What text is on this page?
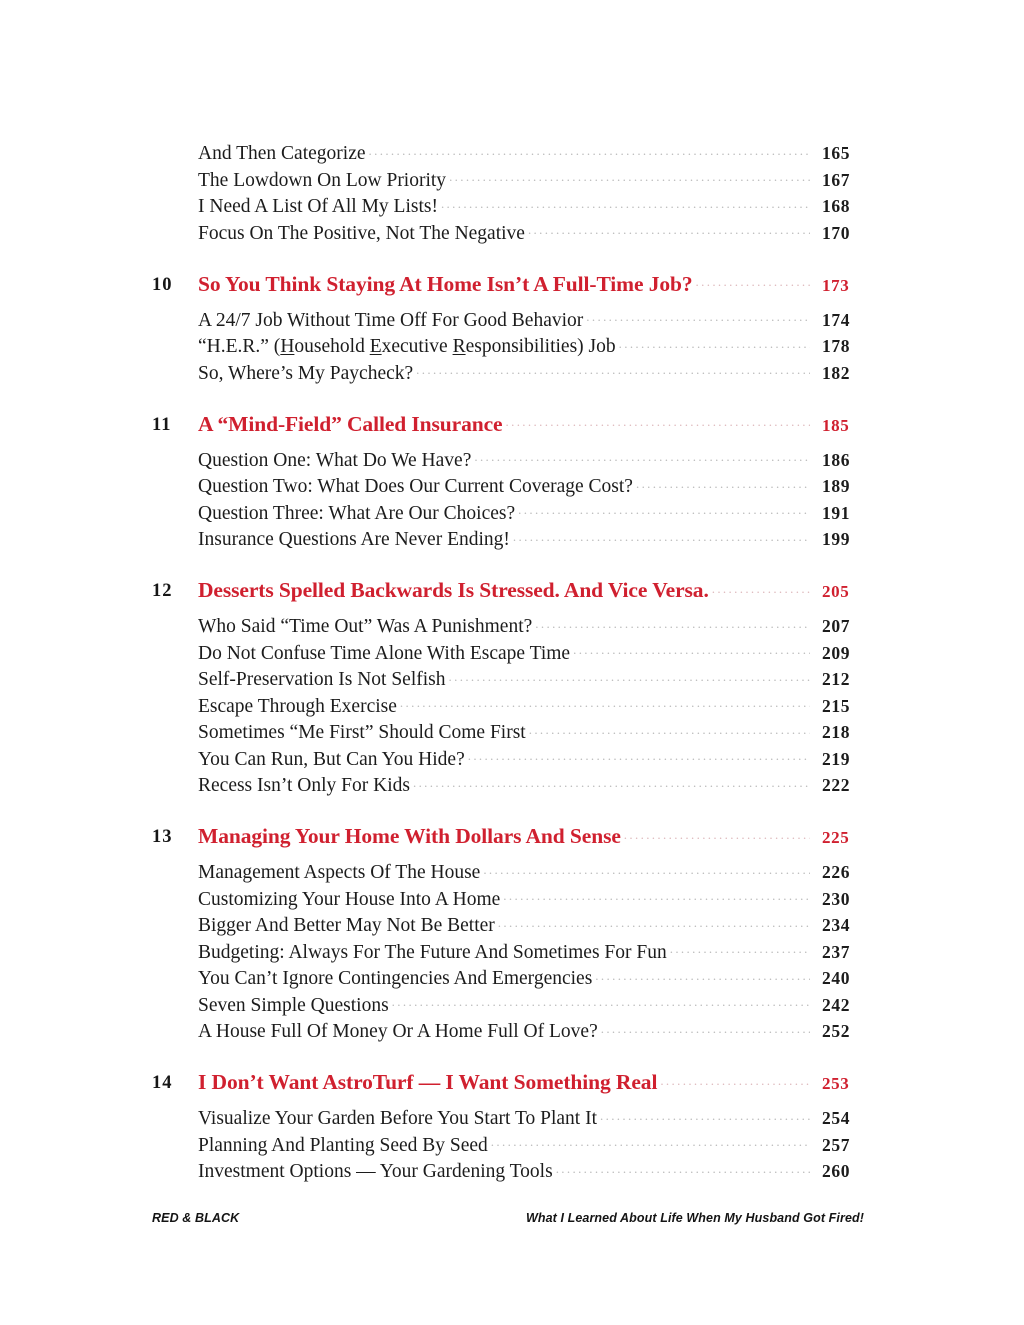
And Then Categorize .....	165
The Lowdown On Low Priority .....	167
I Need A List Of All My Lists! .....	168
Focus On The Positive, Not The Negative .....	170
10	So You Think Staying At Home Isn’t A Full-Time Job? .....	173
A 24/7 Job Without Time Off For Good Behavior .....	174
“H.E.R.” (Household Executive Responsibilities) Job .....	178
So, Where’s My Paycheck? .....	182
11	A “Mind-Field” Called Insurance .....	185
Question One: What Do We Have? .....	186
Question Two: What Does Our Current Coverage Cost? .....	189
Question Three: What Are Our Choices? .....	191
Insurance Questions Are Never Ending! .....	199
12	Desserts Spelled Backwards Is Stressed. And Vice Versa. .....	205
Who Said “Time Out” Was A Punishment? .....	207
Do Not Confuse Time Alone With Escape Time .....	209
Self-Preservation Is Not Selfish .....	212
Escape Through Exercise .....	215
Sometimes “Me First” Should Come First .....	218
You Can Run, But Can You Hide? .....	219
Recess Isn’t Only For Kids .....	222
13	Managing Your Home With Dollars And Sense .....	225
Management Aspects Of The House .....	226
Customizing Your House Into A Home .....	230
Bigger And Better May Not Be Better .....	234
Budgeting: Always For The Future And Sometimes For Fun .....	237
You Can’t Ignore Contingencies And Emergencies .....	240
Seven Simple Questions .....	242
A House Full Of Money Or A Home Full Of Love? .....	252
14	I Don’t Want AstroTurf — I Want Something Real .....	253
Visualize Your Garden Before You Start To Plant It .....	254
Planning And Planting Seed By Seed .....	257
Investment Options — Your Gardening Tools .....	260
RED & BLACK	What I Learned About Life When My Husband Got Fired!
